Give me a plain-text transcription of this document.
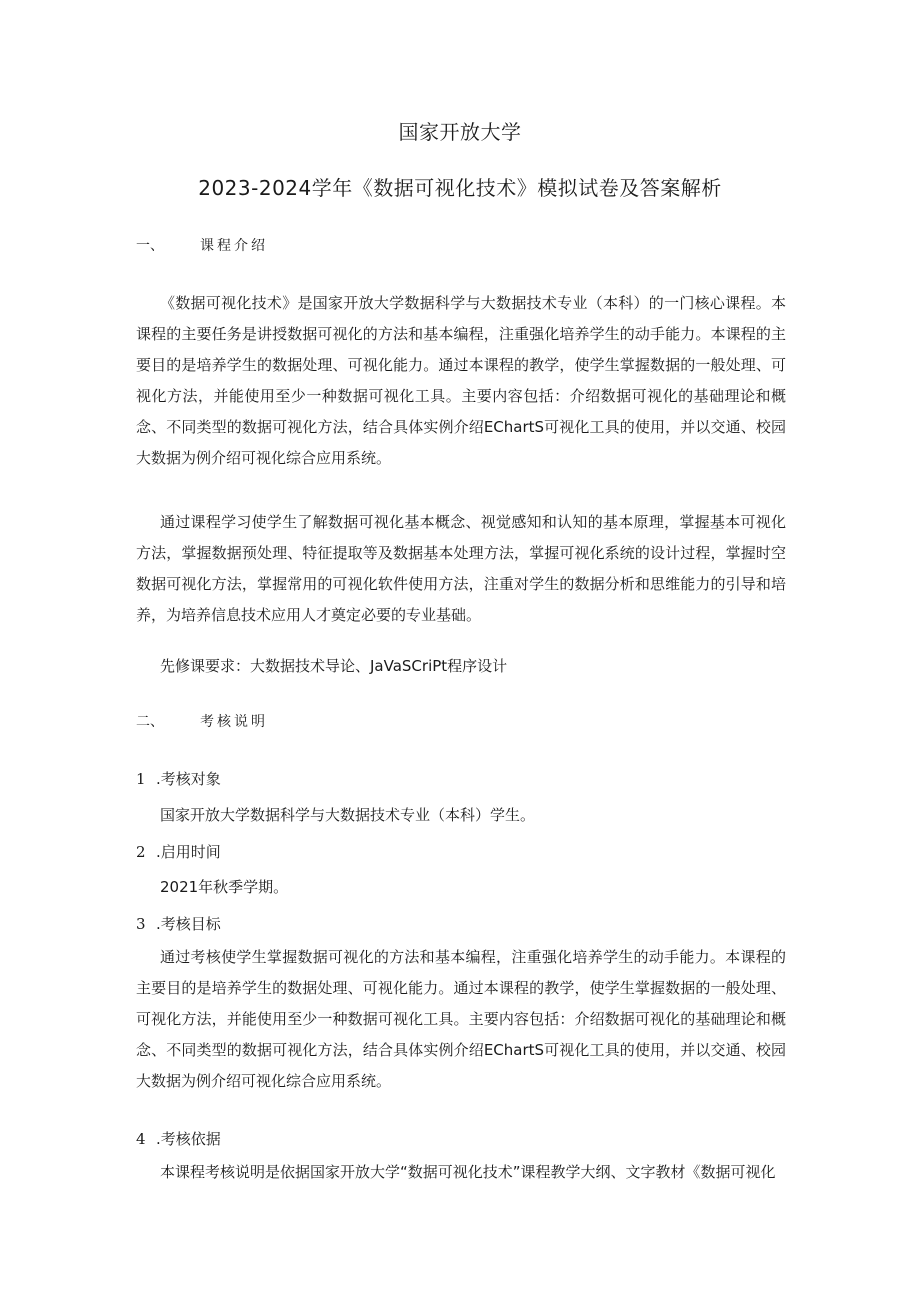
国家开放大学
2023-2024学年《数据可视化技术》模拟试卷及答案解析
一、	课程介绍

《数据可视化技术》是国家开放大学数据科学与大数据技术专业（本科）的一门核心课程。本课程的主要任务是讲授数据可视化的方法和基本编程，注重强化培养学生的动手能力。本课程的主要目的是培养学生的数据处理、可视化能力。通过本课程的教学，使学生掌握数据的一般处理、可视化方法，并能使用至少一种数据可视化工具。主要内容包括：介绍数据可视化的基础理论和概念、不同类型的数据可视化方法，结合具体实例介绍EChartS可视化工具的使用，并以交通、校园大数据为例介绍可视化综合应用系统。

通过课程学习使学生了解数据可视化基本概念、视觉感知和认知的基本原理，掌握基本可视化方法，掌握数据预处理、特征提取等及数据基本处理方法，掌握可视化系统的设计过程，掌握时空数据可视化方法，掌握常用的可视化软件使用方法，注重对学生的数据分析和思维能力的引导和培养，为培养信息技术应用人才奠定必要的专业基础。

先修课要求：大数据技术导论、JaVaSCriPt程序设计

二、	考核说明
1 .考核对象
国家开放大学数据科学与大数据技术专业（本科）学生。
2 .启用时间
2021年秋季学期。
3 .考核目标

通过考核使学生掌握数据可视化的方法和基本编程，注重强化培养学生的动手能力。本课程的主要目的是培养学生的数据处理、可视化能力。通过本课程的教学，使学生掌握数据的一般处理、可视化方法，并能使用至少一种数据可视化工具。主要内容包括：介绍数据可视化的基础理论和概念、不同类型的数据可视化方法，结合具体实例介绍EChartS可视化工具的使用，并以交通、校园大数据为例介绍可视化综合应用系统。

4 .考核依据

本课程考核说明是依据国家开放大学“数据可视化技术”课程教学大纲、文字教材《数据可视化
